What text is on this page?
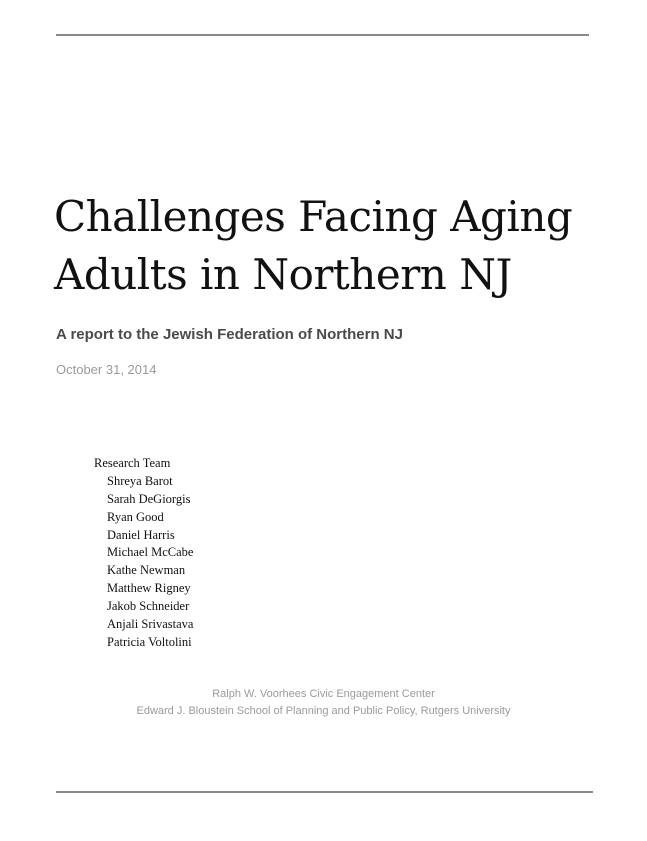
Challenges Facing Aging
Adults in Northern NJ
A report to the Jewish Federation of Northern NJ
October 31, 2014
Research Team
Shreya Barot
Sarah DeGiorgis
Ryan Good
Daniel Harris
Michael McCabe
Kathe Newman
Matthew Rigney
Jakob Schneider
Anjali Srivastava
Patricia Voltolini
Ralph W. Voorhees Civic Engagement Center
Edward J. Bloustein School of Planning and Public Policy, Rutgers University
